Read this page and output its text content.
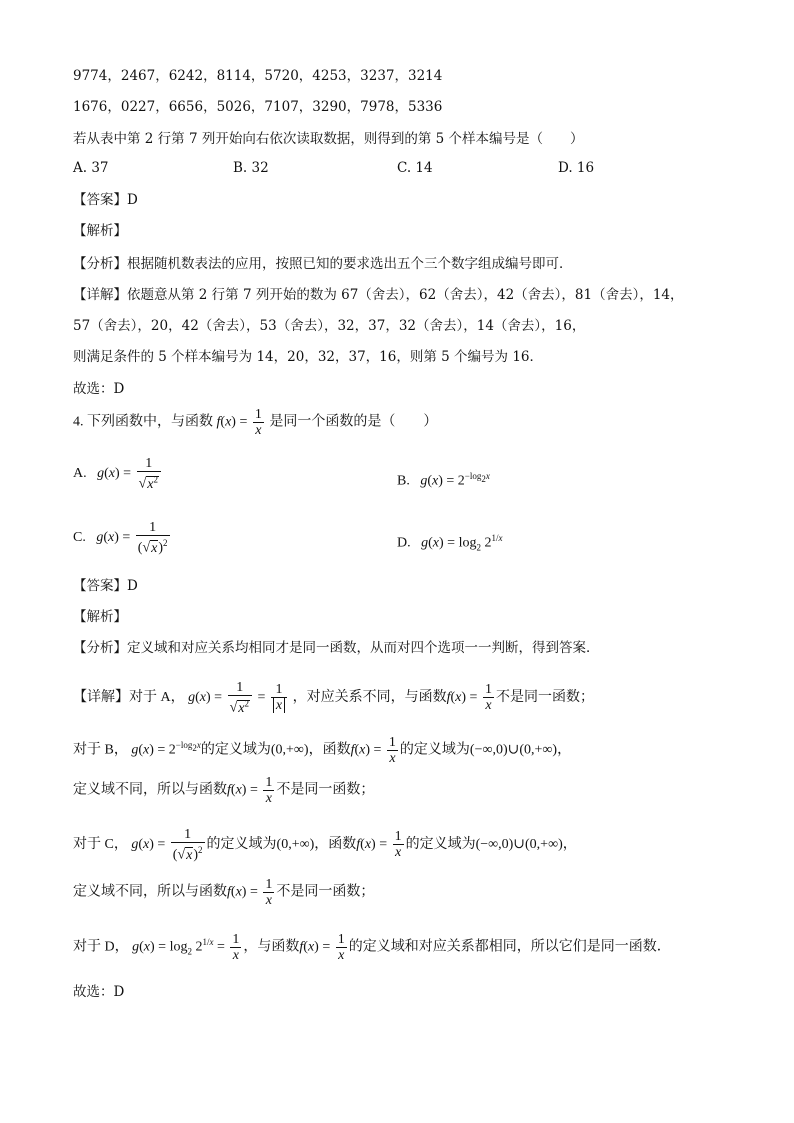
9774，2467，6242，8114，5720，4253，3237，3214
1676，0227，6656，5026，7107，3290，7978，5336
若从表中第 2 行第 7 列开始向右依次读取数据，则得到的第 5 个样本编号是（　　）
A. 37	B. 32	C. 14	D. 16
【答案】D
【解析】
【分析】根据随机数表法的应用，按照已知的要求选出五个三个数字组成编号即可．
【详解】依题意从第 2 行第 7 列开始的数为 67（舍去），62（舍去），42（舍去），81（舍去），14，
57（舍去），20，42（舍去），53（舍去），32，37，32（舍去），14（舍去），16，
则满足条件的 5 个样本编号为 14，20，32，37，16，则第 5 个编号为 16．
故选：D
4. 下列函数中，与函数 $f(x) = \frac{1}{x}$ 是同一个函数的是（　　）
A. $g(x) = \frac{1}{√x^2}$	B. $g(x) = 2^{-log_2x}$
C. $g(x) = \frac{1}{(√x)^2}$	D. $g(x) = \log_2 2^{1/x}$
【答案】D
【解析】
【分析】定义域和对应关系均相同才是同一函数，从而对四个选项一一判断，得到答案．
【详解】对于 A， $g(x) = \frac{1}{√x^2} = \frac{1}{x}$ ，对应关系不同，与函数$f(x) = \frac{1}{x}$ 不是同一函数；
对于 B， $g(x) = 2^{-log_2x}$的定义域为(0,+∞)，函数$f(x) = \frac{1}{x}$ 的定义域为(−∞,0)∪(0,+∞)，
定义域不同，所以与函数$f(x) = \frac{1}{x}$ 不是同一函数；
对于 C， $g(x) = \frac{1}{(√x)^2}$ 的定义域为(0,+∞)，函数$f(x) = \frac{1}{x}$ 的定义域为(−∞,0)∪(0,+∞)，
定义域不同，所以与函数$f(x) = \frac{1}{x}$ 不是同一函数；
对于 D， $g(x) = \log_2 2^{1/x} = \frac{1}{x}$ ，与函数$f(x) = \frac{1}{x}$ 的定义域和对应关系都相同，所以它们是同一函数．
故选：D
